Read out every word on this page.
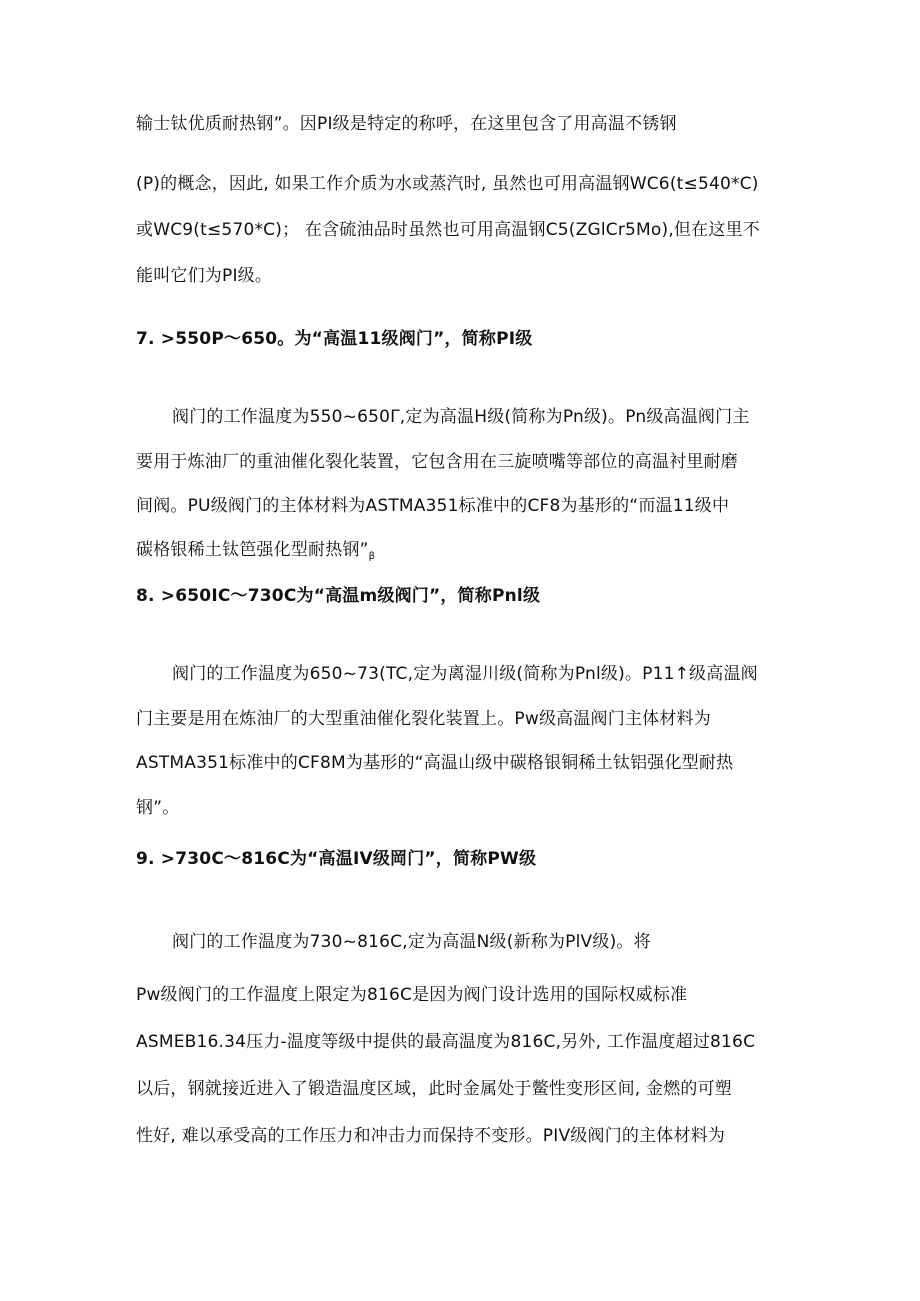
输士钛优质耐热钢”。因PI级是特定的称呼，在这里包含了用高温不锈钢
(P)的概念，因此, 如果工作介质为水或蒸汽时, 虽然也可用高温钢WC6(t≤540*C)
或WC9(t≤570*C)； 在含硫油品时虽然也可用高温钢C5(ZGlCr5Mo),但在这里不
能叫它们为PI级。
7. >550P～650。为“高温11级阀门”，简称PI级
阀门的工作温度为550~650Γ,定为高温H级(简称为Pn级)。Pn级高温阀门主
要用于炼油厂的重油催化裂化装置，它包含用在三旋喷嘴等部位的高温衬里耐磨
间阀。PU级阀门的主体材料为ASTMA351标准中的CF8为基形的“而温11级中
碳格银稀土钛笆强化型耐热钢$”_\beta$
8. >650IC～730C为“高温m级阀门”，简称Pnl级
阀门的工作温度为650~73(TC,定为离湿川级(简称为Pnl级)。P11↑级高温阀
门主要是用在炼油厂的大型重油催化裂化装置上。Pw级高温阀门主体材料为
ASTMA351标准中的CF8M为基形的“高温山级中碳格银铜稀土钛铝强化型耐热
钢”。
9. >730C～816C为“高温IV级岡门”，简称PW级
阀门的工作温度为730~816C,定为高温N级(新称为PlV级)。将
Pw级阀门的工作温度上限定为816C是因为阀门设计选用的国际权威标准
ASMEB16.34压力-温度等级中提供的最高温度为816C,另外, 工作温度超过816C
以后，钢就接近进入了锻造温度区域，此时金属处于鳖性变形区间, 金燃的可塑
性好, 难以承受高的工作压力和冲击力而保持不变形。PIV级阀门的主体材料为
